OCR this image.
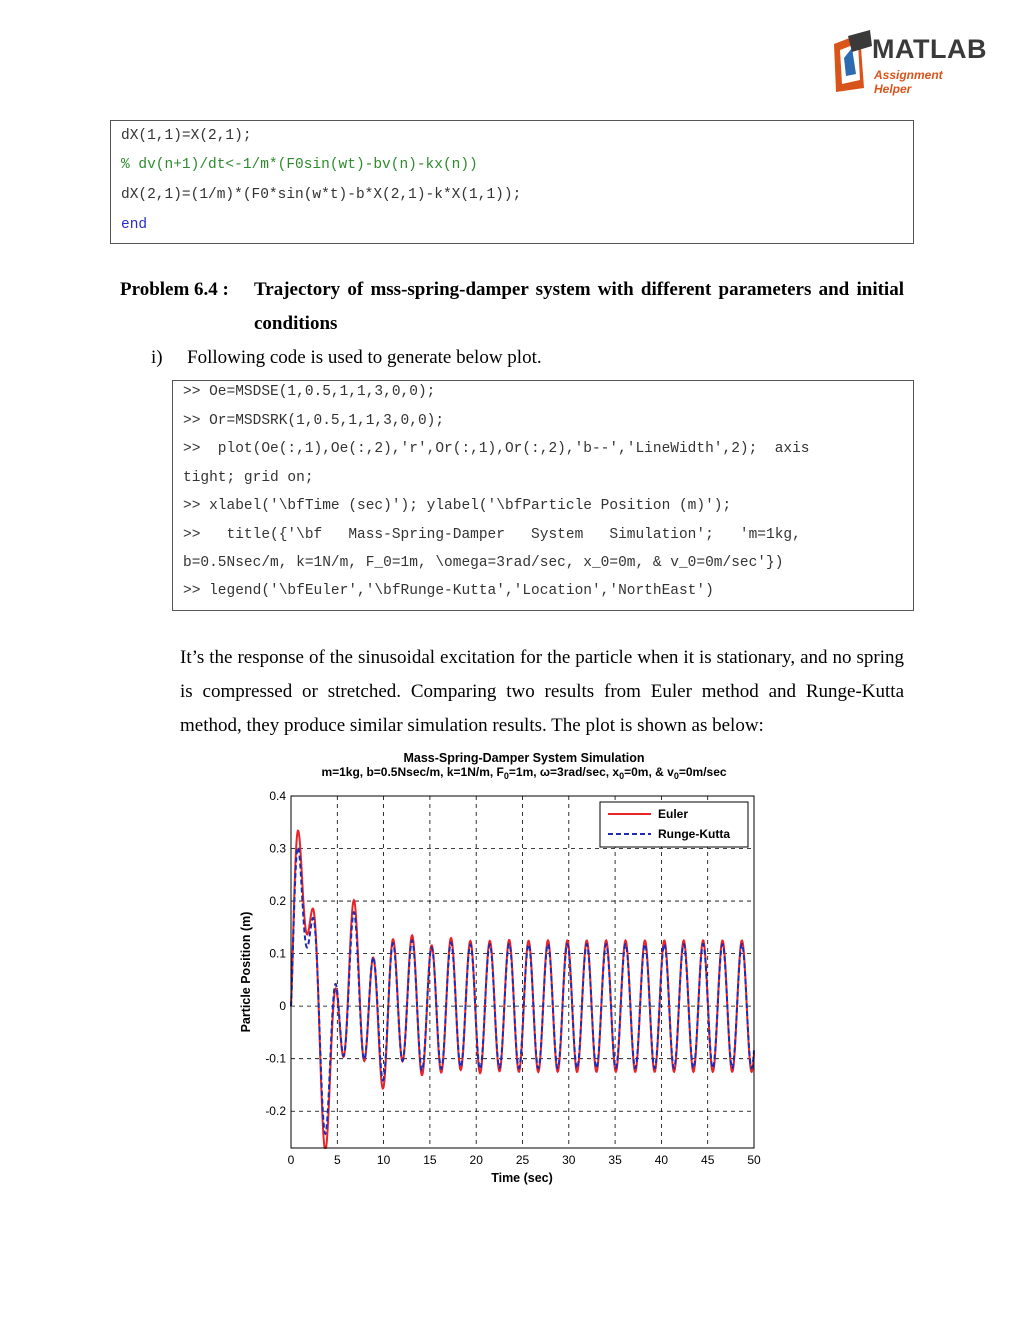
MATLAB
Assignment Helper
dX(1,1)=X(2,1);
% dv(n+1)/dt<-1/m*(F0sin(wt)-bv(n)-kx(n))
dX(2,1)=(1/m)*(F0*sin(w*t)-b*X(2,1)-k*X(1,1));
end
Problem 6.4 : Trajectory of mss-spring-damper system with different parameters and initial conditions
i) Following code is used to generate below plot.
>> Oe=MSDSE(1,0.5,1,1,3,0,0);
>> Or=MSDSRK(1,0.5,1,1,3,0,0);
>>  plot(Oe(:,1),Oe(:,2),'r',Or(:,1),Or(:,2),'b--','LineWidth',2);  axis
tight; grid on;
>> xlabel('\bfTime (sec)'); ylabel('\bfParticle Position (m)');
>>   title({'\bf   Mass-Spring-Damper   System   Simulation';   'm=1kg,
b=0.5Nsec/m, k=1N/m, F_0=1m, \omega=3rad/sec, x_0=0m, & v_0=0m/sec'})
>> legend('\bfEuler','\bfRunge-Kutta','Location','NorthEast')
It’s the response of the sinusoidal excitation for the particle when it is stationary, and no spring is compressed or stretched. Comparing two results from Euler method and Runge-Kutta method, they produce similar simulation results. The plot is shown as below:
Mass-Spring-Damper System Simulation
m=1kg, b=0.5Nsec/m, k=1N/m, $F_0=1m$, ω=3rad/sec, $x_0=0m$, & $v_0=0m/\sec$
0	5	10	15	20	25	30	35	40	45	50
-0.2
-0.1
0
0.1
0.2
0.3
0.4
Time (sec)
Particle Position (m)
Euler
Runge-Kutta
